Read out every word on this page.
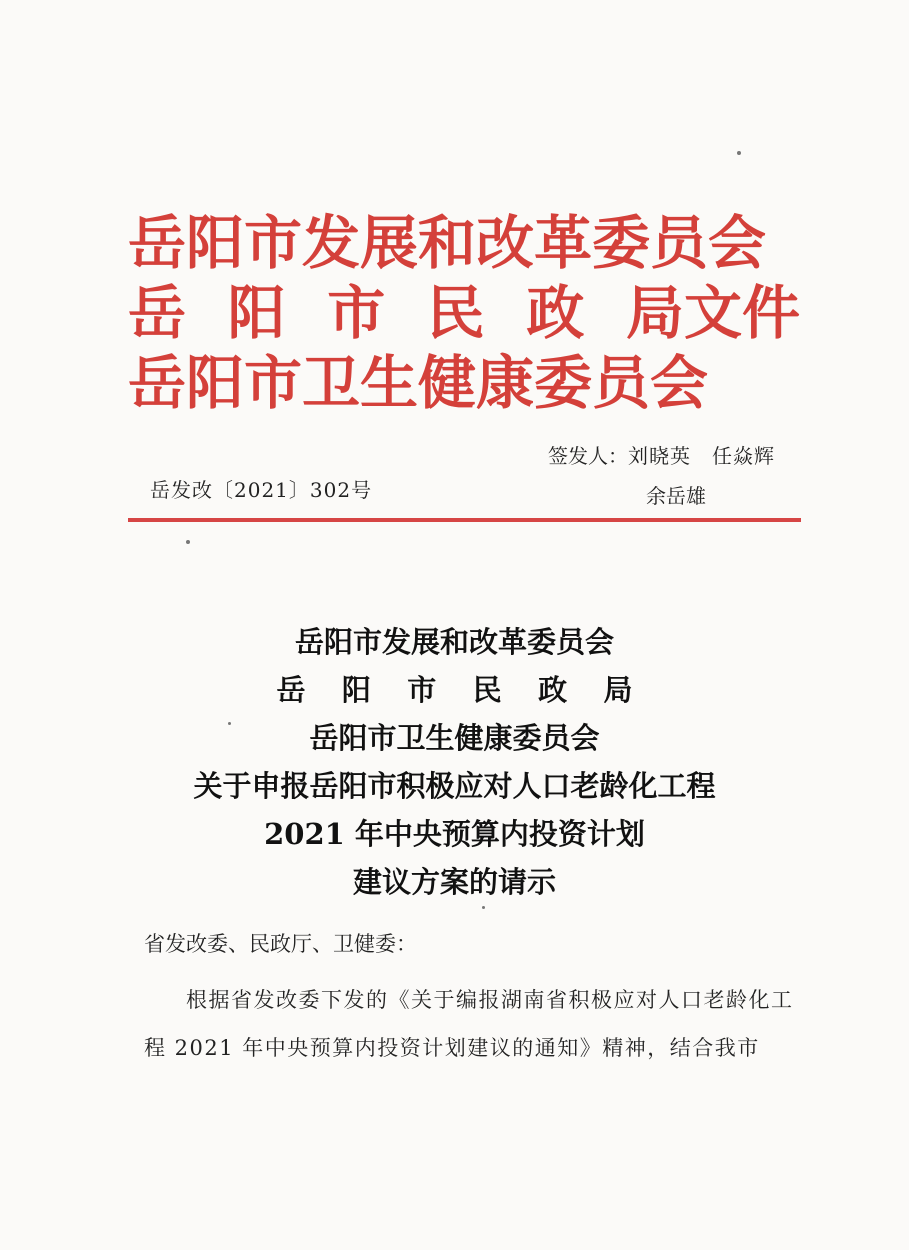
岳阳市发展和改革委员会
岳 阳 市 民 政 局文件
岳阳市卫生健康委员会
签发人：刘晓英　任焱辉
余岳雄
岳发改〔2021〕302号
岳阳市发展和改革委员会
岳 阳 市 民 政 局
岳阳市卫生健康委员会
关于申报岳阳市积极应对人口老龄化工程
2021 年中央预算内投资计划
建议方案的请示
省发改委、民政厅、卫健委：
根据省发改委下发的《关于编报湖南省积极应对人口老龄化工程 2021 年中央预算内投资计划建议的通知》精神，结合我市
